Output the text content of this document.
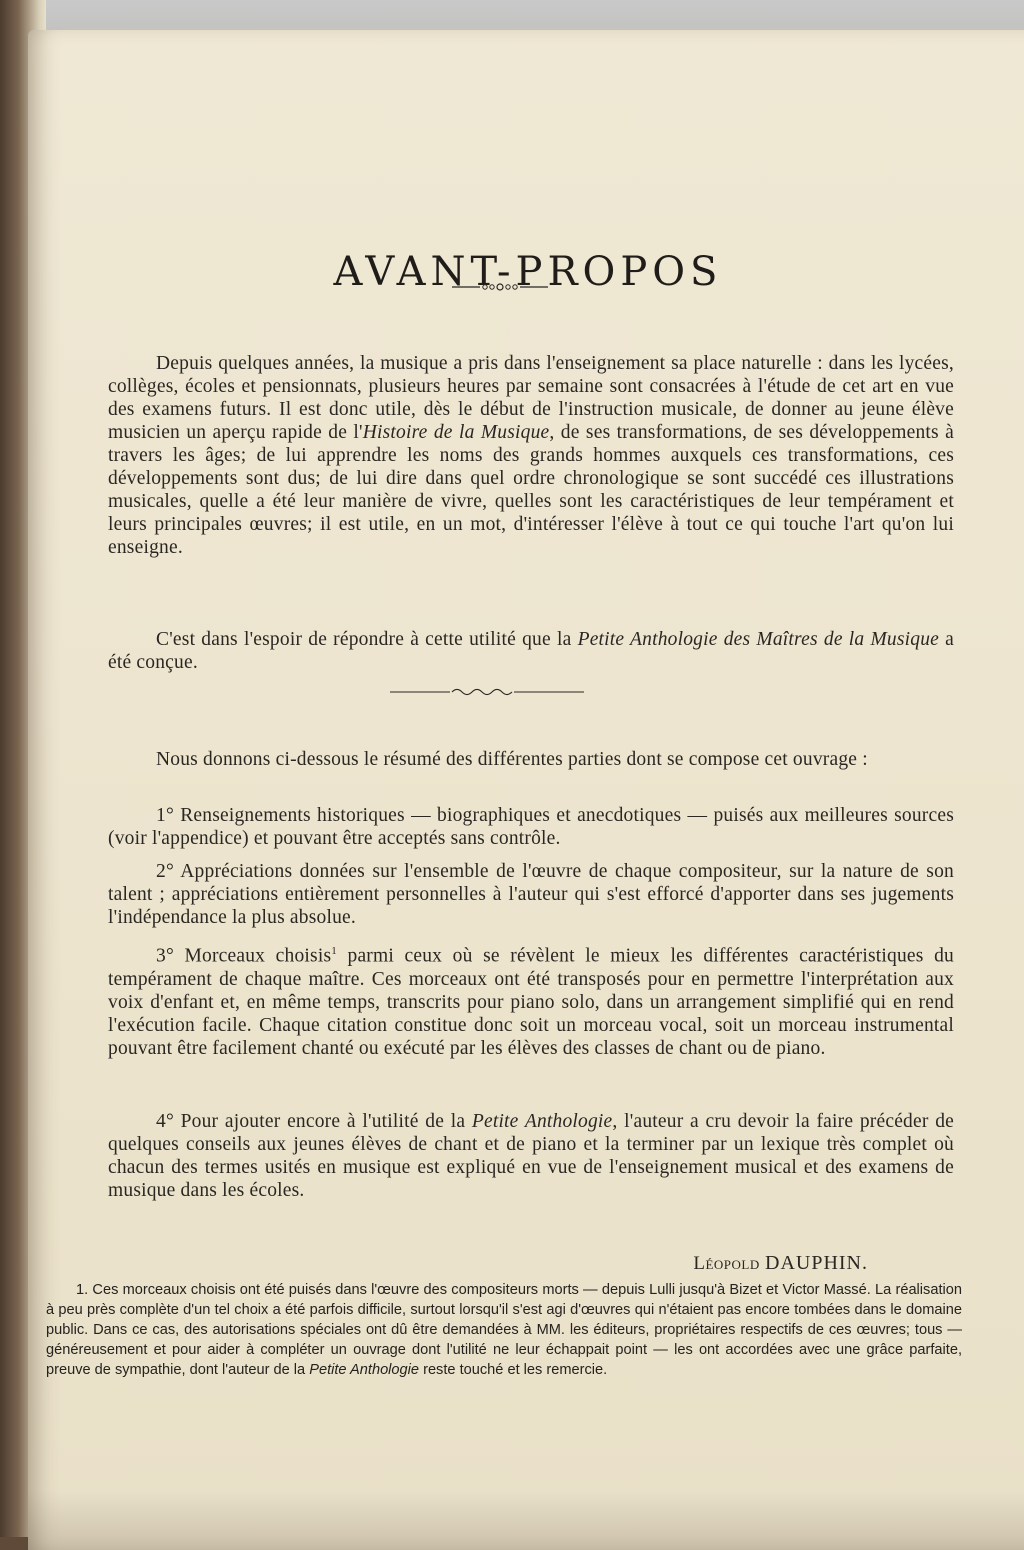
AVANT-PROPOS

Depuis quelques années, la musique a pris dans l'enseignement sa place naturelle : dans les lycées, collèges, écoles et pensionnats, plusieurs heures par semaine sont consacrées à l'étude de cet art en vue des examens futurs. Il est donc utile, dès le début de l'instruction musicale, de donner au jeune élève musicien un aperçu rapide de l'Histoire de la Musique, de ses transformations, de ses développements à travers les âges; de lui apprendre les noms des grands hommes auxquels ces transformations, ces développements sont dus; de lui dire dans quel ordre chronologique se sont succédé ces illustrations musicales, quelle a été leur manière de vivre, quelles sont les caractéristiques de leur tempérament et leurs principales œuvres; il est utile, en un mot, d'intéresser l'élève à tout ce qui touche l'art qu'on lui enseigne.

C'est dans l'espoir de répondre à cette utilité que la Petite Anthologie des Maîtres de la Musique a été conçue.

Nous donnons ci-dessous le résumé des différentes parties dont se compose cet ouvrage :

1° Renseignements historiques — biographiques et anecdotiques — puisés aux meilleures sources (voir l'appendice) et pouvant être acceptés sans contrôle.

2° Appréciations données sur l'ensemble de l'œuvre de chaque compositeur, sur la nature de son talent ; appréciations entièrement personnelles à l'auteur qui s'est efforcé d'apporter dans ses jugements l'indépendance la plus absolue.

3° Morceaux choisis$^1$ parmi ceux où se révèlent le mieux les différentes caractéristiques du tempérament de chaque maître. Ces morceaux ont été transposés pour en permettre l'interprétation aux voix d'enfant et, en même temps, transcrits pour piano solo, dans un arrangement simplifié qui en rend l'exécution facile. Chaque citation constitue donc soit un morceau vocal, soit un morceau instrumental pouvant être facilement chanté ou exécuté par les élèves des classes de chant ou de piano.

4° Pour ajouter encore à l'utilité de la Petite Anthologie, l'auteur a cru devoir la faire précéder de quelques conseils aux jeunes élèves de chant et de piano et la terminer par un lexique très complet où chacun des termes usités en musique est expliqué en vue de l'enseignement musical et des examens de musique dans les écoles.

Léopold DAUPHIN.

1. Ces morceaux choisis ont été puisés dans l'œuvre des compositeurs morts — depuis Lulli jusqu'à Bizet et Victor Massé. La réalisation à peu près complète d'un tel choix a été parfois difficile, surtout lorsqu'il s'est agi d'œuvres qui n'étaient pas encore tombées dans le domaine public. Dans ce cas, des autorisations spéciales ont dû être demandées à MM. les éditeurs, propriétaires respectifs de ces œuvres; tous — généreusement et pour aider à compléter un ouvrage dont l'utilité ne leur échappait point — les ont accordées avec une grâce parfaite, preuve de sympathie, dont l'auteur de la Petite Anthologie reste touché et les remercie.
